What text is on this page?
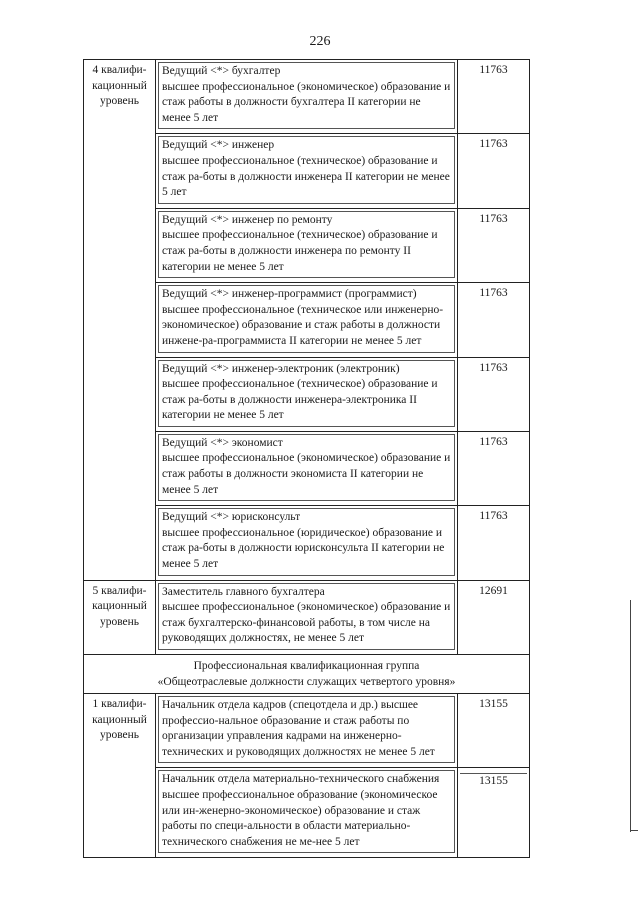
226
4 квалифи-
кационный
уровень	Ведущий <*> бухгалтер
высшее профессиональное (экономическое) образование и стаж работы в должности бухгалтера II категории не менее 5 лет	11763

	Ведущий <*> инженер
высшее профессиональное (техническое) образование и стаж ра-боты в должности инженера II категории не менее 5 лет	11763

	Ведущий <*> инженер по ремонту
высшее профессиональное (техническое) образование и стаж ра-боты в должности инженера по ремонту II категории не менее 5 лет	11763

	Ведущий <*> инженер-программист (программист)
высшее профессиональное (техническое или инженерно-экономическое) образование и стаж работы в должности инжене-ра-программиста II категории не менее 5 лет	11763

	Ведущий <*> инженер-электроник (электроник)
высшее профессиональное (техническое) образование и стаж ра-боты в должности инженера-электроника II категории не менее 5 лет	11763

	Ведущий <*> экономист
высшее профессиональное (экономическое) образование и стаж работы в должности экономиста II категории не менее 5 лет	11763

	Ведущий <*> юрисконсульт
высшее профессиональное (юридическое) образование и стаж ра-боты в должности юрисконсульта II категории не менее 5 лет	11763
5 квалифи-
кационный
уровень	Заместитель главного бухгалтера
высшее профессиональное (экономическое) образование и стаж бухгалтерско-финансовой работы, в том числе на руководящих должностях, не менее 5 лет	12691

Профессиональная квалификационная группа
«Общеотраслевые должности служащих четвертого уровня»		

1 квалифи-
кационный
уровень	Начальник отдела кадров (спецотдела и др.) высшее профессио-нальное образование и стаж работы по организации управления кадрами на инженерно-технических и руководящих должностях не менее 5 лет	13155

	Начальник отдела материально-технического снабжения
высшее профессиональное образование (экономическое или ин-женерно-экономическое) образование и стаж работы по специ-альности в области материально-технического снабжения не ме-нее 5 лет	13155
